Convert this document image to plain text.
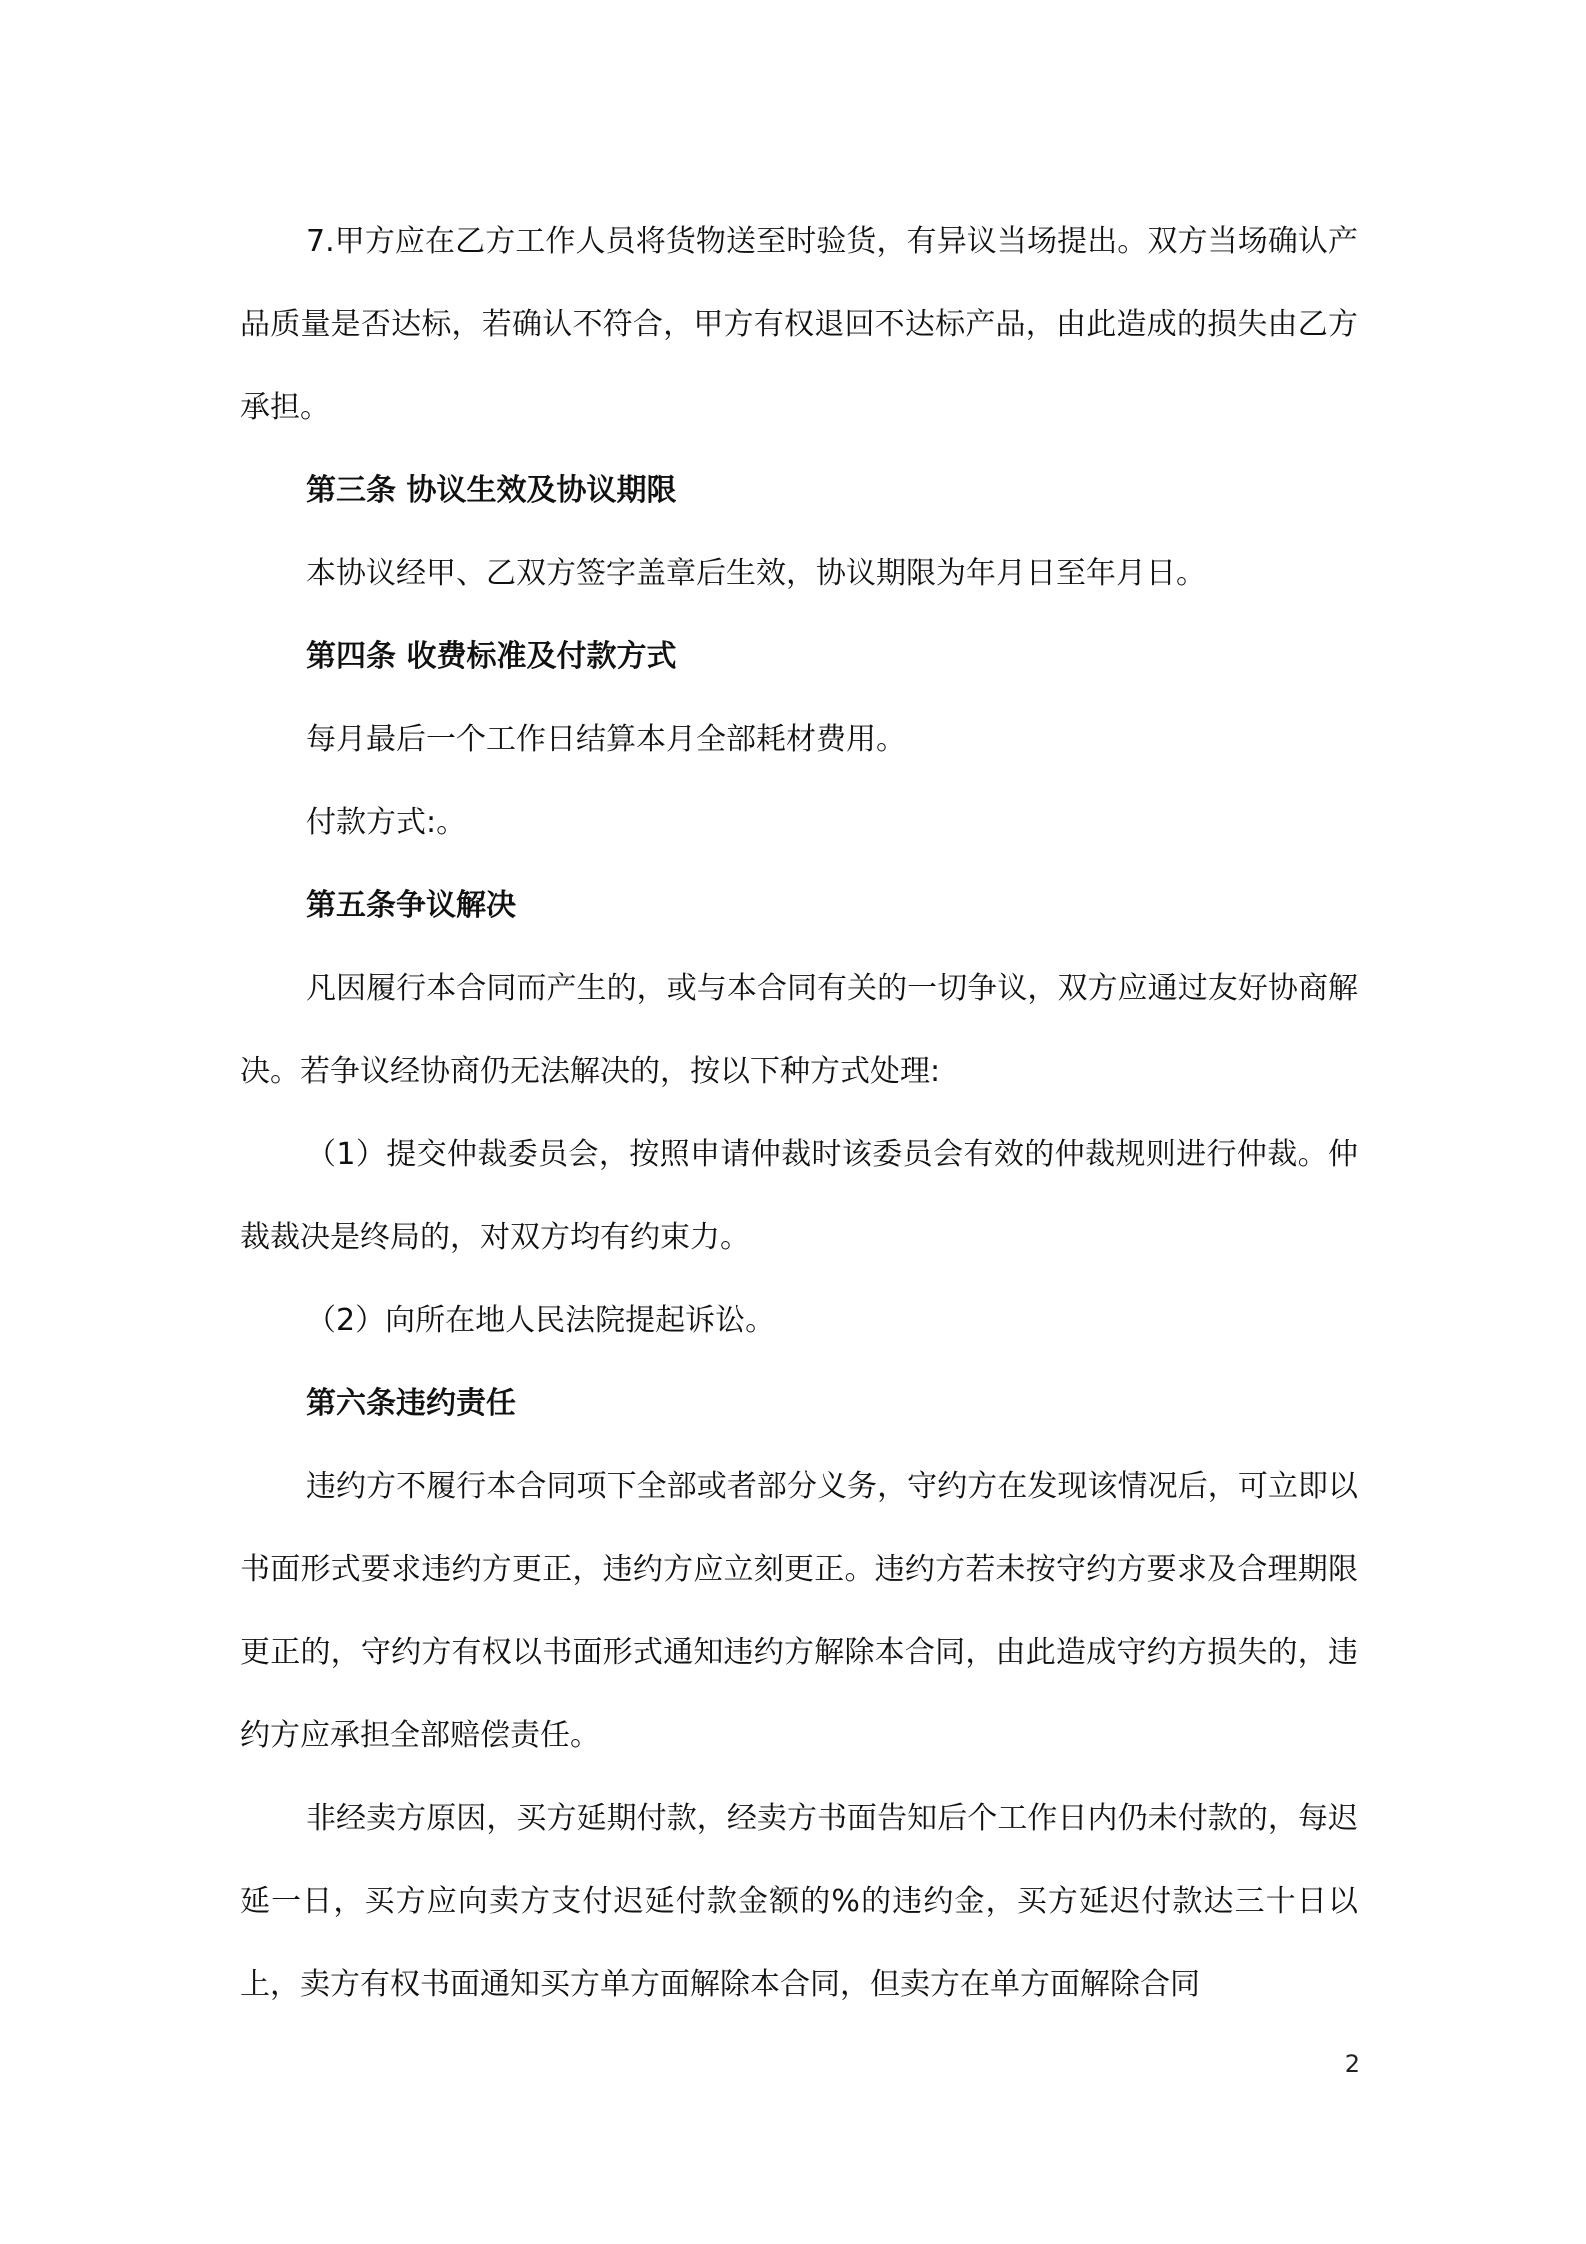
7.甲方应在乙方工作人员将货物送至时验货，有异议当场提出。双方当场确认产品质量是否达标，若确认不符合，甲方有权退回不达标产品，由此造成的损失由乙方承担。

第三条 协议生效及协议期限

本协议经甲、乙双方签字盖章后生效，协议期限为年月日至年月日。

第四条 收费标准及付款方式

每月最后一个工作日结算本月全部耗材费用。

付款方式:。

第五条争议解决

凡因履行本合同而产生的，或与本合同有关的一切争议，双方应通过友好协商解决。若争议经协商仍无法解决的，按以下种方式处理:

（1）提交仲裁委员会，按照申请仲裁时该委员会有效的仲裁规则进行仲裁。仲裁裁决是终局的，对双方均有约束力。

（2）向所在地人民法院提起诉讼。

第六条违约责任

违约方不履行本合同项下全部或者部分义务，守约方在发现该情况后，可立即以书面形式要求违约方更正，违约方应立刻更正。违约方若未按守约方要求及合理期限更正的，守约方有权以书面形式通知违约方解除本合同，由此造成守约方损失的，违约方应承担全部赔偿责任。

非经卖方原因，买方延期付款，经卖方书面告知后个工作日内仍未付款的，每迟延一日，买方应向卖方支付迟延付款金额的%的违约金，买方延迟付款达三十日以上，卖方有权书面通知买方单方面解除本合同，但卖方在单方面解除合同

2
